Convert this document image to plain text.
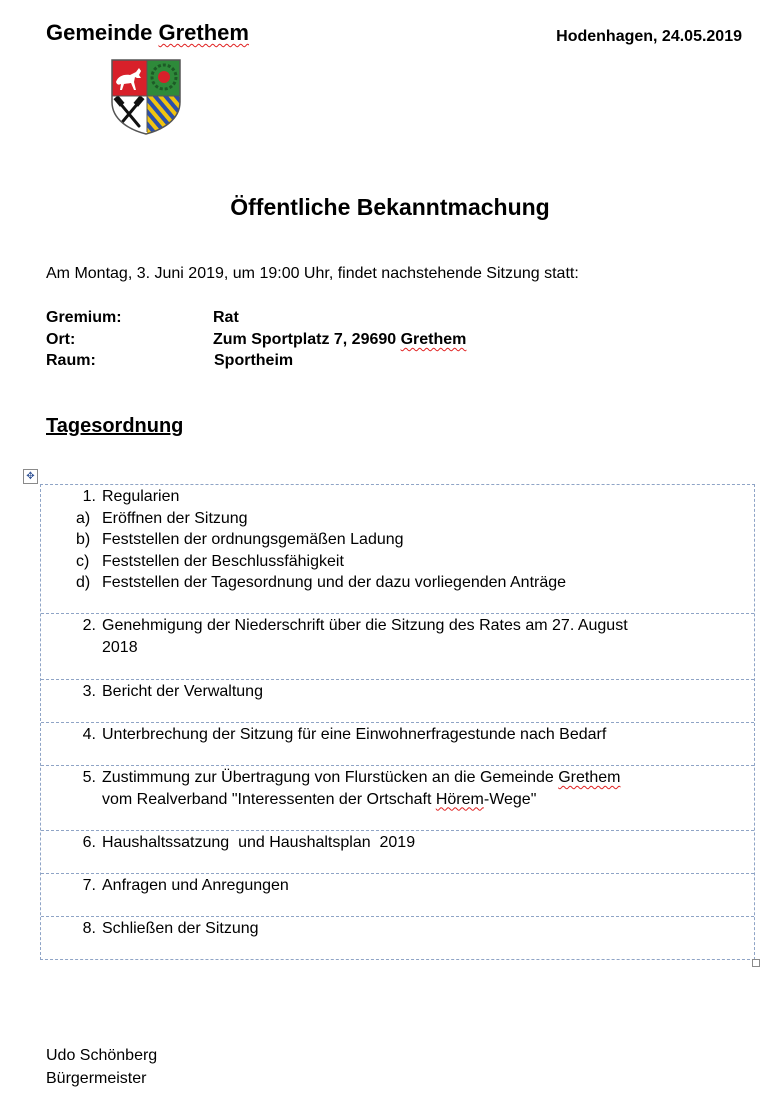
Gemeinde Grethem	Hodenhagen, 24.05.2019
Öffentliche Bekanntmachung
Am Montag, 3. Juni 2019, um 19:00 Uhr, findet nachstehende Sitzung statt:
Gremium:	Rat
Ort:	Zum Sportplatz 7, 29690 Grethem
Raum:	Sportheim
Tagesordnung
✥
1. Regularien
a) Eröffnen der Sitzung
b) Feststellen der ordnungsgemäßen Ladung
c) Feststellen der Beschlussfähigkeit
d) Feststellen der Tagesordnung und der dazu vorliegenden Anträge
2. Genehmigung der Niederschrift über die Sitzung des Rates am 27. August
2018
3. Bericht der Verwaltung
4. Unterbrechung der Sitzung für eine Einwohnerfragestunde nach Bedarf
5. Zustimmung zur Übertragung von Flurstücken an die Gemeinde Grethem
vom Realverband "Interessenten der Ortschaft Hörem-Wege"
6. Haushaltssatzung  und Haushaltsplan  2019
7. Anfragen und Anregungen
8. Schließen der Sitzung
Udo Schönberg
Bürgermeister
